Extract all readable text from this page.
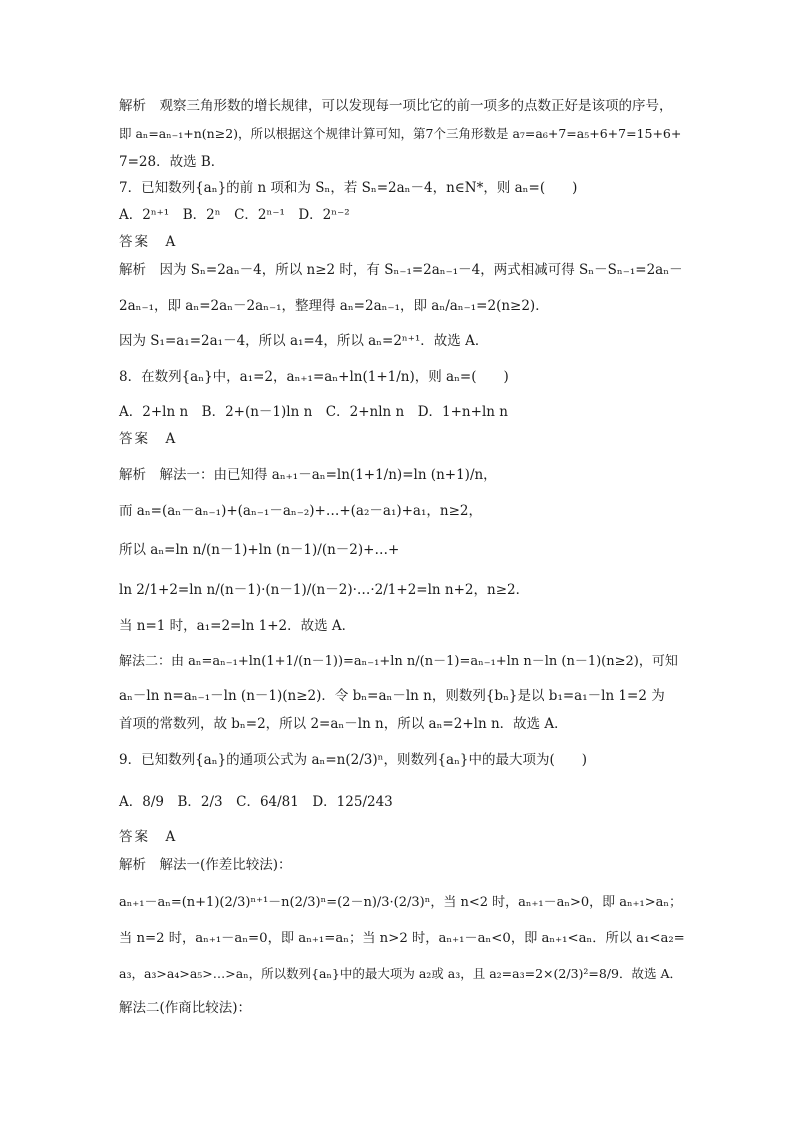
解析　观察三角形数的增长规律，可以发现每一项比它的前一项多的点数正好是该项的序号，
即 aₙ=aₙ₋₁+n(n≥2)，所以根据这个规律计算可知，第7个三角形数是 a₇=a₆+7=a₅+6+7=15+6+
7=28．故选 B．
7．已知数列{aₙ}的前 n 项和为 Sₙ，若 Sₙ=2aₙ－4，n∈N*，则 aₙ=(　　)
A．2ⁿ⁺¹　B．2ⁿ　C．2ⁿ⁻¹　D．2ⁿ⁻²
答案　A
解析　因为 Sₙ=2aₙ－4，所以 n≥2 时，有 Sₙ₋₁=2aₙ₋₁－4，两式相减可得 Sₙ－Sₙ₋₁=2aₙ－
2aₙ₋₁，即 aₙ=2aₙ－2aₙ₋₁，整理得 aₙ=2aₙ₋₁，即 aₙ/aₙ₋₁=2(n≥2)．
因为 S₁=a₁=2a₁－4，所以 a₁=4，所以 aₙ=2ⁿ⁺¹．故选 A．
8．在数列{aₙ}中，a₁=2，aₙ₊₁=aₙ+ln(1+1/n)，则 aₙ=(　　)
A．2+ln n　B．2+(n－1)ln n　C．2+nln n　D．1+n+ln n
答案　A
解析　解法一：由已知得 aₙ₊₁－aₙ=ln(1+1/n)=ln (n+1)/n，
而 aₙ=(aₙ－aₙ₋₁)+(aₙ₋₁－aₙ₋₂)+…+(a₂－a₁)+a₁，n≥2，
所以 aₙ=ln n/(n－1)+ln (n－1)/(n－2)+…+
ln 2/1+2=ln n/(n－1)·(n－1)/(n－2)·…·2/1+2=ln n+2，n≥2．
当 n=1 时，a₁=2=ln 1+2．故选 A．
解法二：由 aₙ=aₙ₋₁+ln(1+1/(n－1))=aₙ₋₁+ln n/(n－1)=aₙ₋₁+ln n－ln (n－1)(n≥2)，可知
aₙ－ln n=aₙ₋₁－ln (n－1)(n≥2)．令 bₙ=aₙ－ln n，则数列{bₙ}是以 b₁=a₁－ln 1=2 为
首项的常数列，故 bₙ=2，所以 2=aₙ－ln n，所以 aₙ=2+ln n．故选 A．
9．已知数列{aₙ}的通项公式为 aₙ=n(2/3)ⁿ，则数列{aₙ}中的最大项为(　　)
A．8/9　B．2/3　C．64/81　D．125/243
答案　A
解析　解法一(作差比较法)：
aₙ₊₁－aₙ=(n+1)(2/3)ⁿ⁺¹－n(2/3)ⁿ=(2－n)/3·(2/3)ⁿ，当 n<2 时，aₙ₊₁－aₙ>0，即 aₙ₊₁>aₙ；
当 n=2 时，aₙ₊₁－aₙ=0，即 aₙ₊₁=aₙ；当 n>2 时，aₙ₊₁－aₙ<0，即 aₙ₊₁<aₙ．所以 a₁<a₂=
a₃，a₃>a₄>a₅>…>aₙ，所以数列{aₙ}中的最大项为 a₂或 a₃，且 a₂=a₃=2×(2/3)²=8/9．故选 A．
解法二(作商比较法)：
